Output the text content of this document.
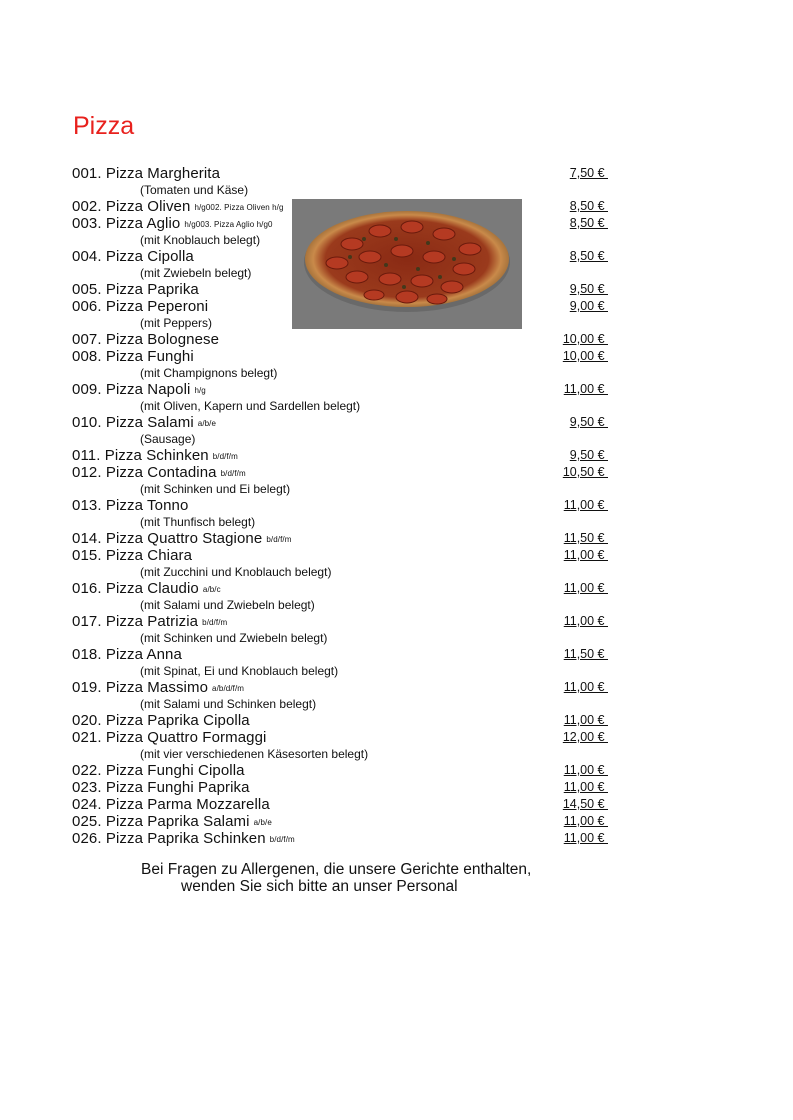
Pizza
001. Pizza Margherita	7,50 €
(Tomaten und Käse)
002. Pizza Oliven h/g002. Pizza Oliven h/g	8,50 €
003. Pizza Aglio h/g003. Pizza Aglio h/g0	8,50 €
(mit Knoblauch belegt)
004. Pizza Cipolla	8,50 €
(mit Zwiebeln belegt)
005. Pizza Paprika	9,50 €
006. Pizza Peperoni	9,00 €
(mit Peppers)
007. Pizza Bolognese	10,00 €
008. Pizza Funghi	10,00 €
(mit Champignons belegt)
009. Pizza Napoli h/g	11,00 €
(mit Oliven, Kapern und Sardellen belegt)
010. Pizza Salami a/b/e	9,50 €
(Sausage)
011. Pizza Schinken b/d/f/m	9,50 €
012. Pizza Contadina b/d/f/m	10,50 €
(mit Schinken und Ei belegt)
013. Pizza Tonno	11,00 €
(mit Thunfisch belegt)
014. Pizza Quattro Stagione b/d/f/m	11,50 €
015. Pizza Chiara	11,00 €
(mit Zucchini und Knoblauch belegt)
016. Pizza Claudio a/b/c	11,00 €
(mit Salami und Zwiebeln belegt)
017. Pizza Patrizia b/d/f/m	11,00 €
(mit Schinken und Zwiebeln belegt)
018. Pizza Anna	11,50 €
(mit Spinat, Ei und Knoblauch belegt)
019. Pizza Massimo a/b/d/f/m	11,00 €
(mit Salami und Schinken belegt)
020. Pizza Paprika Cipolla	11,00 €
021. Pizza Quattro Formaggi	12,00 €
(mit vier verschiedenen Käsesorten belegt)
022. Pizza Funghi Cipolla	11,00 €
023. Pizza Funghi Paprika	11,00 €
024. Pizza Parma Mozzarella	14,50 €
025. Pizza Paprika Salami a/b/e	11,00 €
026. Pizza Paprika Schinken b/d/f/m	11,00 €
Bei Fragen zu Allergenen, die unsere Gerichte enthalten,
wenden Sie sich bitte an unser Personal
